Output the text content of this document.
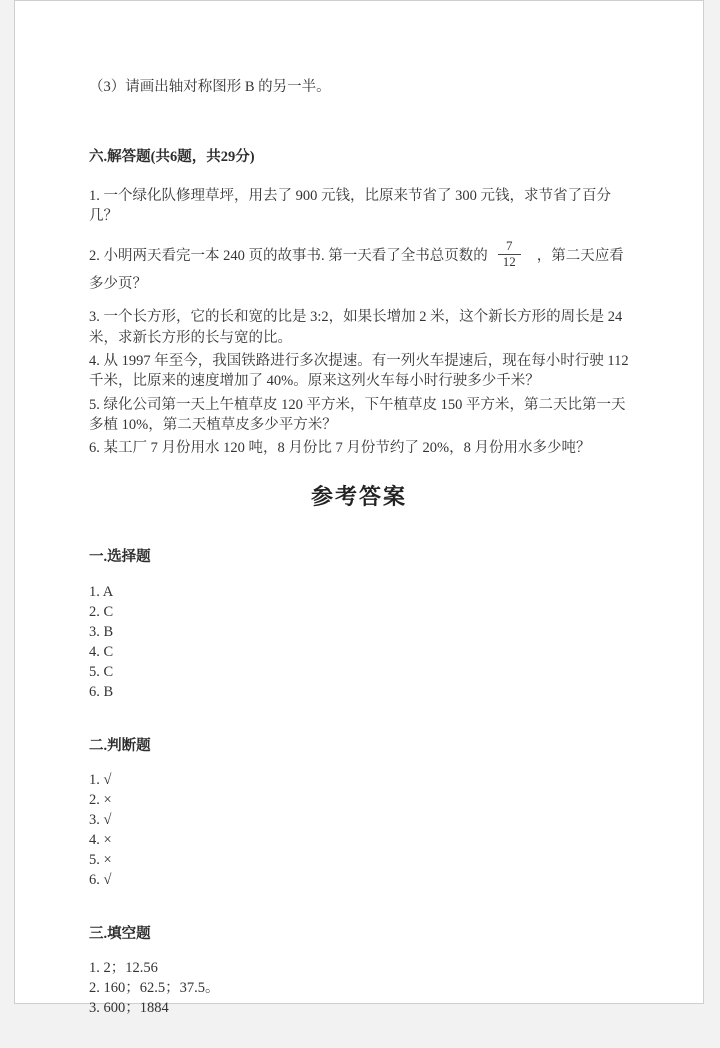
（3）请画出轴对称图形 B 的另一半。

六.解答题(共6题，共29分)

1. 一个绿化队修理草坪，用去了 900 元钱，比原来节省了 300 元钱，求节省了百分几？

2. 小明两天看完一本 240 页的故事书. 第一天看了全书总页数的 $\frac{7}{12}$ ，第二天应看多少页？

3. 一个长方形，它的长和宽的比是 3:2，如果长增加 2 米，这个新长方形的周长是 24 米，求新长方形的长与宽的比。

4. 从 1997 年至今，我国铁路进行多次提速。有一列火车提速后，现在每小时行驶 112 千米，比原来的速度增加了 40%。原来这列火车每小时行驶多少千米？

5. 绿化公司第一天上午植草皮 120 平方米，下午植草皮 150 平方米，第二天比第一天多植 10%，第二天植草皮多少平方米？

6. 某工厂 7 月份用水 120 吨，8 月份比 7 月份节约了 20%，8 月份用水多少吨？

参考答案

一.选择题

1. A

2. C

3. B

4. C

5. C

6. B

二.判断题

1. √

2. ×

3. √

4. ×

5. ×

6. √

三.填空题

1. 2；12.56

2. 160；62.5；37.5。

3. 600；1884
